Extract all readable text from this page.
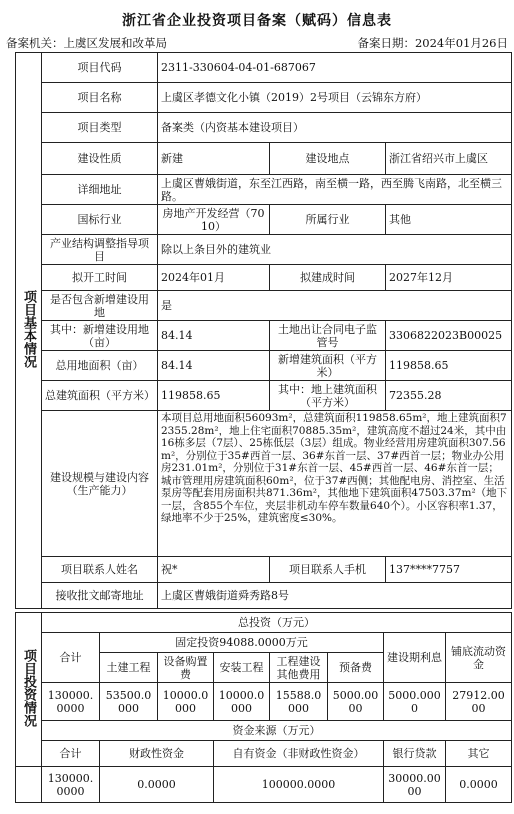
浙江省企业投资项目备案（赋码）信息表
备案机关：上虞区发展和改革局	备案日期：2024年01月26日
项目基本情况	项目代码	2311-330604-04-01-687067		
	项目名称	上虞区孝德文化小镇（2019）2号项目（云锦东方府）		
	项目类型	备案类（内资基本建设项目）		
	建设性质	新建	建设地点	浙江省绍兴市上虞区
	详细地址	上虞区曹娥街道，东至江西路，南至横一路，西至腾飞南路，北至横三路。		
	国标行业	房地产开发经营（7010）	所属行业	其他
	产业结构调整指导项目	除以上条目外的建筑业		
	拟开工时间	2024年01月	拟建成时间	2027年12月
	是否包含新增建设用地	是		
	其中：新增建设用地（亩）	84.14	土地出让合同电子监管号	3306822023B00025
	总用地面积（亩）	84.14	新增建筑面积（平方米）	119858.65
	总建筑面积（平方米）	119858.65	其中：地上建筑面积（平方米）	72355.28
	建设规模与建设内容（生产能力）	本项目总用地面积56093m²，总建筑面积119858.65m²，地上建筑面积72355.28m²，地上住宅面积70885.35m²，建筑高度不超过24米，其中由16栋多层（7层）、25栋低层（3层）组成。物业经营用房建筑面积307.56m²，分别位于35#西首一层、36#东首一层、37#西首一层；物业办公用房231.01m²，分别位于31#东首一层、45#西首一层、46#东首一层；城市管理用房建筑面积60m²，位于37#西侧；其他配电房、消控室、生活泵房等配套用房面积共871.36m²，其他地下建筑面积47503.37m²（地下一层，含855个车位，夹层非机动车停车数量640个）。小区容积率1.37，绿地率不少于25%，建筑密度≤30%。		
	项目联系人姓名	祝*	项目联系人手机	137****7757
	接收批文邮寄地址	上虞区曹娥街道舜秀路8号		
项目投资情况	总投资（万元）							
	合计	固定投资94088.0000万元					建设期利息	铺底流动资金
		土建工程	设备购置费	安装工程	工程建设其他费用	预备费		
	130000.0000	53500.0000	10000.0000	10000.0000	15588.0000	5000.0000	5000.0000	27912.0000
	资金来源（万元）							
	合计	财政性资金		自有资金（非财政性资金）			银行贷款	其它
	130000.0000	0.0000		100000.0000			30000.0000	0.0000
